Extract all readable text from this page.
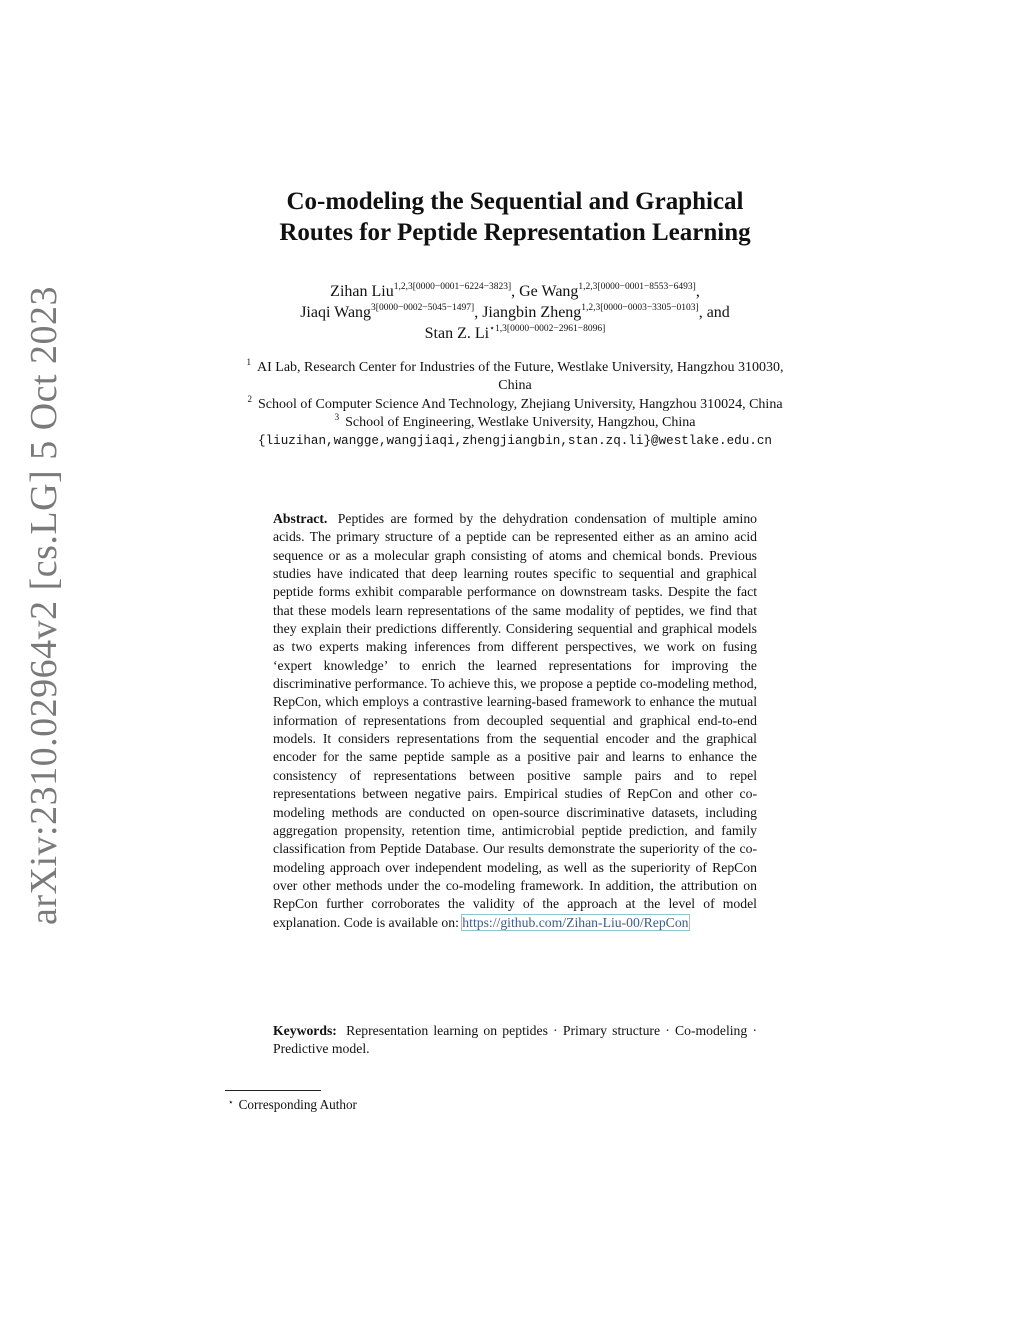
arXiv:2310.02964v2 [cs.LG] 5 Oct 2023
Co-modeling the Sequential and Graphical
Routes for Peptide Representation Learning
Zihan Liu$^{1,2,3[0000-0001-6224-3823]}$, Ge Wang$^{1,2,3[0000-0001-8553-6493]}$,
Jiaqi Wang$^{3[0000-0002-5045-1497]}$, Jiangbin Zheng$^{1,2,3[0000-0003-3305-0103]}$, and
Stan Z. $Li^{⋆1,3[0000-0002-2961-8096]}$
$^1$ AI Lab, Research Center for Industries of the Future, Westlake University, Hangzhou 310030, China
$^2$ School of Computer Science And Technology, Zhejiang University, Hangzhou 310024, China
$^3$ School of Engineering, Westlake University, Hangzhou, China
{liuzihan,wangge,wangjiaqi,zhengjiangbin,stan.zq.li}@westlake.edu.cn
Abstract. Peptides are formed by the dehydration condensation of multiple amino acids. The primary structure of a peptide can be represented either as an amino acid sequence or as a molecular graph consisting of atoms and chemical bonds. Previous studies have indicated that deep learning routes specific to sequential and graphical peptide forms exhibit comparable performance on downstream tasks. Despite the fact that these models learn representations of the same modality of peptides, we find that they explain their predictions differently. Considering sequential and graphical models as two experts making inferences from different perspectives, we work on fusing ‘expert knowledge’ to enrich the learned representations for improving the discriminative performance. To achieve this, we propose a peptide co-modeling method, RepCon, which employs a contrastive learning-based framework to enhance the mutual information of representations from decoupled sequential and graphical end-to-end models. It considers representations from the sequential encoder and the graphical encoder for the same peptide sample as a positive pair and learns to enhance the consistency of representations between positive sample pairs and to repel representations between negative pairs. Empirical studies of RepCon and other co-modeling methods are conducted on open-source discriminative datasets, including aggregation propensity, retention time, antimicrobial peptide prediction, and family classification from Peptide Database. Our results demonstrate the superiority of the co-modeling approach over independent modeling, as well as the superiority of RepCon over other methods under the co-modeling framework. In addition, the attribution on RepCon further corroborates the validity of the approach at the level of model explanation. Code is available on: https://github.com/Zihan-Liu-00/RepCon
Keywords: Representation learning on peptides · Primary structure · Co-modeling · Predictive model.
⋆ Corresponding Author
